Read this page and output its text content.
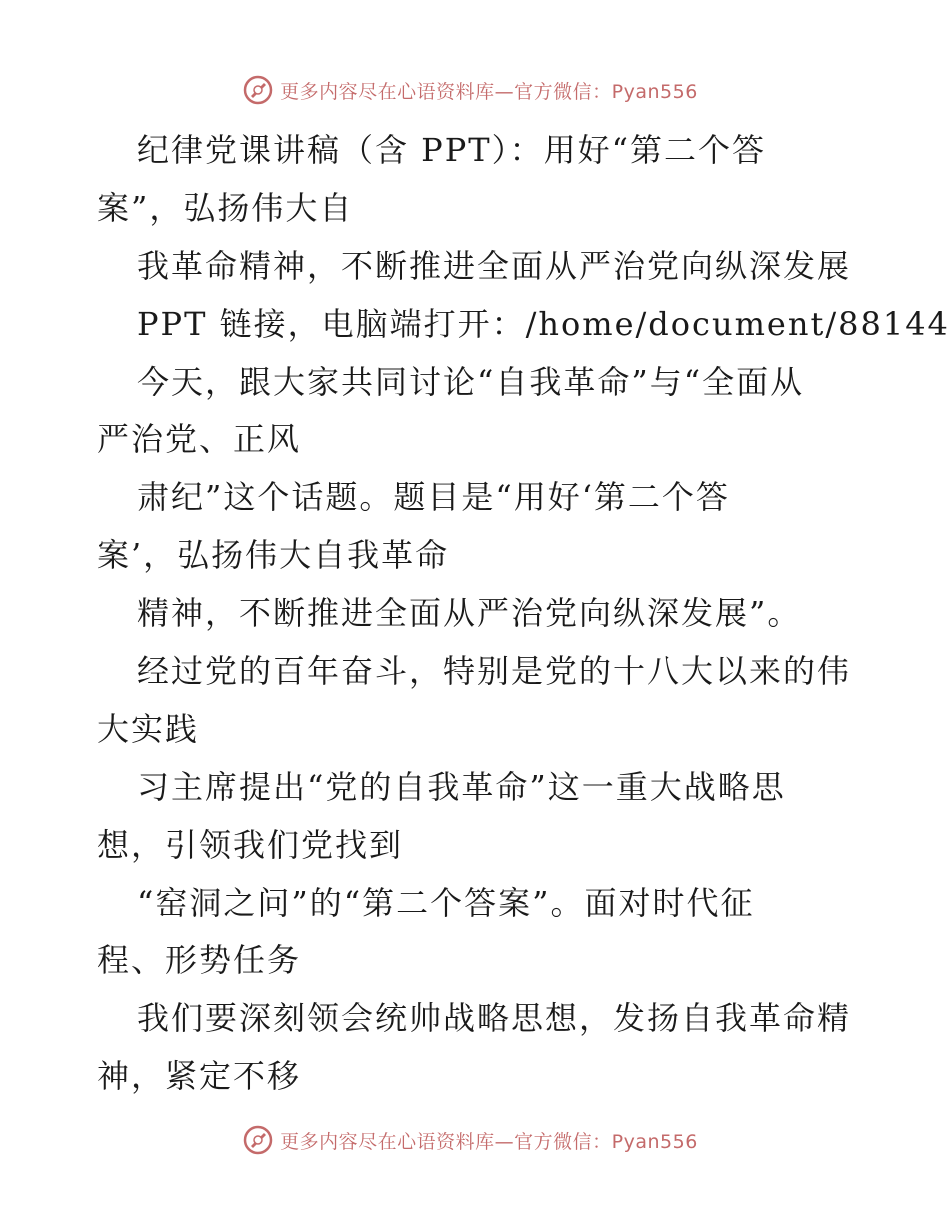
更多内容尽在心语资料库—官方微信：Pyan556
纪律党课讲稿（含 PPT）：用好“第二个答
案”，弘扬伟大自
我革命精神，不断推进全面从严治党向纵深发展
PPT 链接，电脑端打开：/home/document/88144
今天，跟大家共同讨论“自我革命”与“全面从
严治党、正风
肃纪”这个话题。题目是“用好‘第二个答
案’，弘扬伟大自我革命
精神，不断推进全面从严治党向纵深发展”。
经过党的百年奋斗，特别是党的十八大以来的伟
大实践
习主席提出“党的自我革命”这一重大战略思
想，引领我们党找到
“窑洞之问”的“第二个答案”。面对时代征
程、形势任务
我们要深刻领会统帅战略思想，发扬自我革命精
神，紧定不移
更多内容尽在心语资料库—官方微信：Pyan556
